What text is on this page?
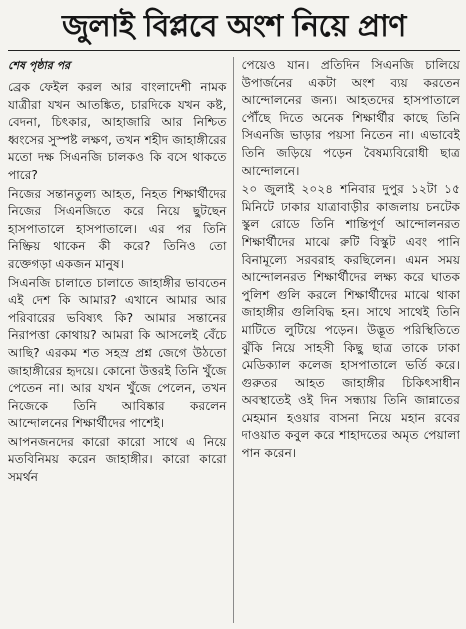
জুলাই বিপ্লবে অংশ নিয়ে প্রাণ

শেষ পৃষ্ঠার পর

ব্রেক ফেইল করল আর বাংলাদেশী নামক যাত্রীরা যখন আতঙ্কিত, চারদিকে যখন কষ্ট, বেদনা, চিৎকার, আহাজারি আর নিশ্চিত ধ্বংসের সুস্পষ্ট লক্ষণ, তখন শহীদ জাহাঙ্গীরের মতো দক্ষ সিএনজি চালকও কি বসে থাকতে পারে?

নিজের সন্তানতুল্য আহত, নিহত শিক্ষার্থীদের নিজের সিএনজিতে করে নিয়ে ছুটছেন হাসপাতালে হাসপাতালে। এর পর তিনি নিষ্ক্রিয় থাকেন কী করে? তিনিও তো রক্তেগড়া একজন মানুষ।

সিএনজি চালাতে চালাতে জাহাঙ্গীর ভাবতেন এই দেশ কি আমার? এখানে আমার আর পরিবারের ভবিষ্যৎ কি? আমার সন্তানের নিরাপত্তা কোথায়? আমরা কি আসলেই বেঁচে আছি? এরকম শত সহস্র প্রশ্ন জেগে উঠতো জাহাঙ্গীরের হৃদয়ে। কোনো উত্তরই তিনি খুঁজে পেতেন না। আর যখন খুঁজে পেলেন, তখন নিজেকে তিনি আবিষ্কার করলেন আন্দোলনের শিক্ষার্থীদের পাশেই।

আপনজনদের কারো কারো সাথে এ নিয়ে মতবিনিময় করেন জাহাঙ্গীর। কারো কারো সমর্থন

পেয়েও যান। প্রতিদিন সিএনজি চালিয়ে উপার্জনের একটা অংশ ব্যয় করতেন আন্দোলনের জন্য। আহতদের হাসপাতালে পৌঁছে দিতে অনেক শিক্ষার্থীর কাছে তিনি সিএনজি ভাড়ার পয়সা নিতেন না। এভাবেই তিনি জড়িয়ে পড়েন বৈষম্যবিরোধী ছাত্র আন্দোলনে।

২০ জুলাই ২০২৪ শনিবার দুপুর ১২টা ১৫ মিনিটে ঢাকার যাত্রাবাড়ীর কাজলায় চনটেক স্কুল রোডে তিনি শান্তিপূর্ণ আন্দোলনরত শিক্ষার্থীদের মাঝে রুটি বিস্কুট এবং পানি বিনামূল্যে সরবরাহ করছিলেন। এমন সময় আন্দোলনরত শিক্ষার্থীদের লক্ষ্য করে ঘাতক পুলিশ গুলি করলে শিক্ষার্থীদের মাঝে থাকা জাহাঙ্গীর গুলিবিদ্ধ হন। সাথে সাথেই তিনি মাটিতে লুটিয়ে পড়েন। উদ্ভূত পরিস্থিতিতে ঝুঁকি নিয়ে সাহসী কিছু ছাত্র তাকে ঢাকা মেডিক্যাল কলেজ হাসপাতালে ভর্তি করে। গুরুতর আহত জাহাঙ্গীর চিকিৎসাধীন অবস্থাতেই ওই দিন সন্ধ্যায় তিনি জান্নাতের মেহমান হওয়ার বাসনা নিয়ে মহান রবের দাওয়াত কবুল করে শাহাদতের অমৃত পেয়ালা পান করেন।
